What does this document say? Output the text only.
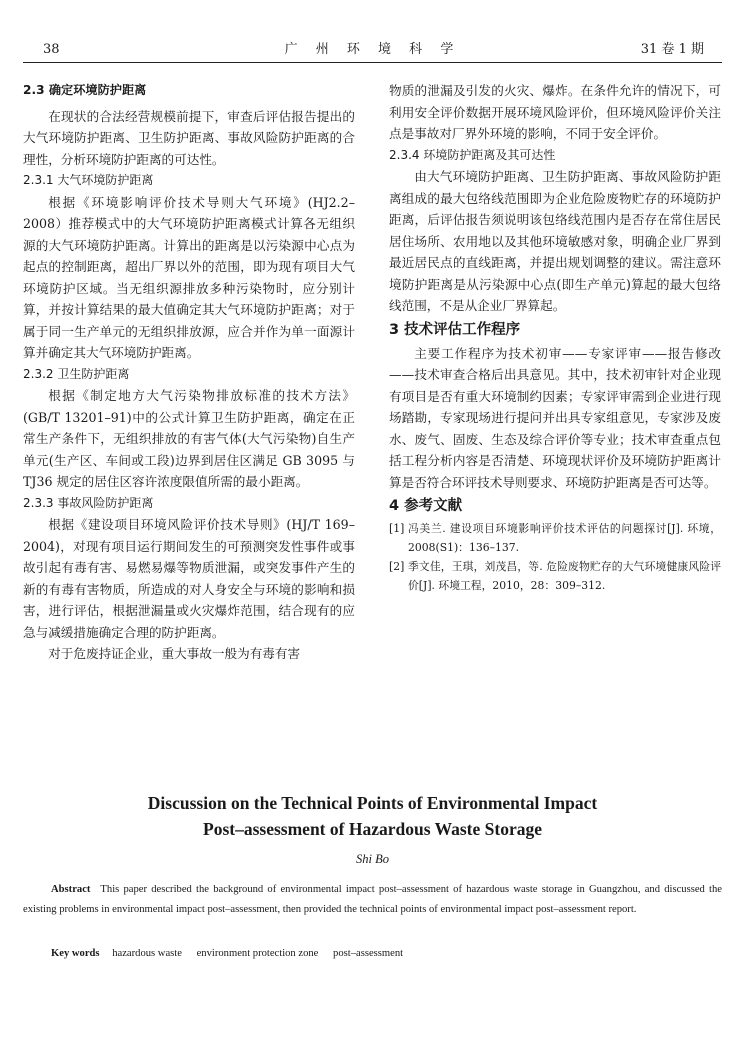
38	广 州 环 境 科 学	31 卷 1 期

2.3 确定环境防护距离

在现状的合法经营规模前提下，审查后评估报告提出的大气环境防护距离、卫生防护距离、事故风险防护距离的合理性，分析环境防护距离的可达性。

2.3.1 大气环境防护距离

根据《环境影响评价技术导则大气环境》(HJ2.2–2008）推荐模式中的大气环境防护距离模式计算各无组织源的大气环境防护距离。计算出的距离是以污染源中心点为起点的控制距离，超出厂界以外的范围，即为现有项目大气环境防护区域。当无组织源排放多种污染物时，应分别计算，并按计算结果的最大值确定其大气环境防护距离；对于属于同一生产单元的无组织排放源，应合并作为单一面源计算并确定其大气环境防护距离。

2.3.2 卫生防护距离

根据《制定地方大气污染物排放标准的技术方法》(GB/T 13201–91)中的公式计算卫生防护距离，确定在正常生产条件下，无组织排放的有害气体(大气污染物)自生产单元(生产区、车间或工段)边界到居住区满足 GB 3095 与 TJ36 规定的居住区容许浓度限值所需的最小距离。

2.3.3 事故风险防护距离

根据《建设项目环境风险评价技术导则》(HJ/T 169–2004)，对现有项目运行期间发生的可预测突发性事件或事故引起有毒有害、易燃易爆等物质泄漏，或突发事件产生的新的有毒有害物质，所造成的对人身安全与环境的影响和损害，进行评估，根据泄漏量或火灾爆炸范围，结合现有的应急与减缓措施确定合理的防护距离。

对于危废持证企业，重大事故一般为有毒有害

物质的泄漏及引发的火灾、爆炸。在条件允许的情况下，可利用安全评价数据开展环境风险评价，但环境风险评价关注点是事故对厂界外环境的影响，不同于安全评价。

2.3.4 环境防护距离及其可达性

由大气环境防护距离、卫生防护距离、事故风险防护距离组成的最大包络线范围即为企业危险废物贮存的环境防护距离，后评估报告须说明该包络线范围内是否存在常住居民居住场所、农用地以及其他环境敏感对象，明确企业厂界到最近居民点的直线距离，并提出规划调整的建议。需注意环境防护距离是从污染源中心点(即生产单元)算起的最大包络线范围，不是从企业厂界算起。

3 技术评估工作程序

主要工作程序为技术初审——专家评审——报告修改——技术审查合格后出具意见。其中，技术初审针对企业现有项目是否有重大环境制约因素；专家评审需到企业进行现场踏勘，专家现场进行提问并出具专家组意见，专家涉及废水、废气、固废、生态及综合评价等专业；技术审查重点包括工程分析内容是否清楚、环境现状评价及环境防护距离计算是否符合环评技术导则要求、环境防护距离是否可达等。

4 参考文献

[1] 冯美兰. 建设项目环境影响评价技术评估的问题探讨[J]. 环境，2008(S1)：136–137.
[2] 季文佳，王琪，刘茂昌，等. 危险废物贮存的大气环境健康风险评价[J]. 环境工程，2010，28：309–312.
Discussion on the Technical Points of Environmental Impact
Post–assessment of Hazardous Waste Storage
Shi Bo

Abstract This paper described the background of environmental impact post–assessment of hazardous waste storage in Guangzhou, and discussed the existing problems in environmental impact post–assessment, then provided the technical points of environmental impact post–assessment report.

Key words hazardous waste environment protection zone post–assessment
